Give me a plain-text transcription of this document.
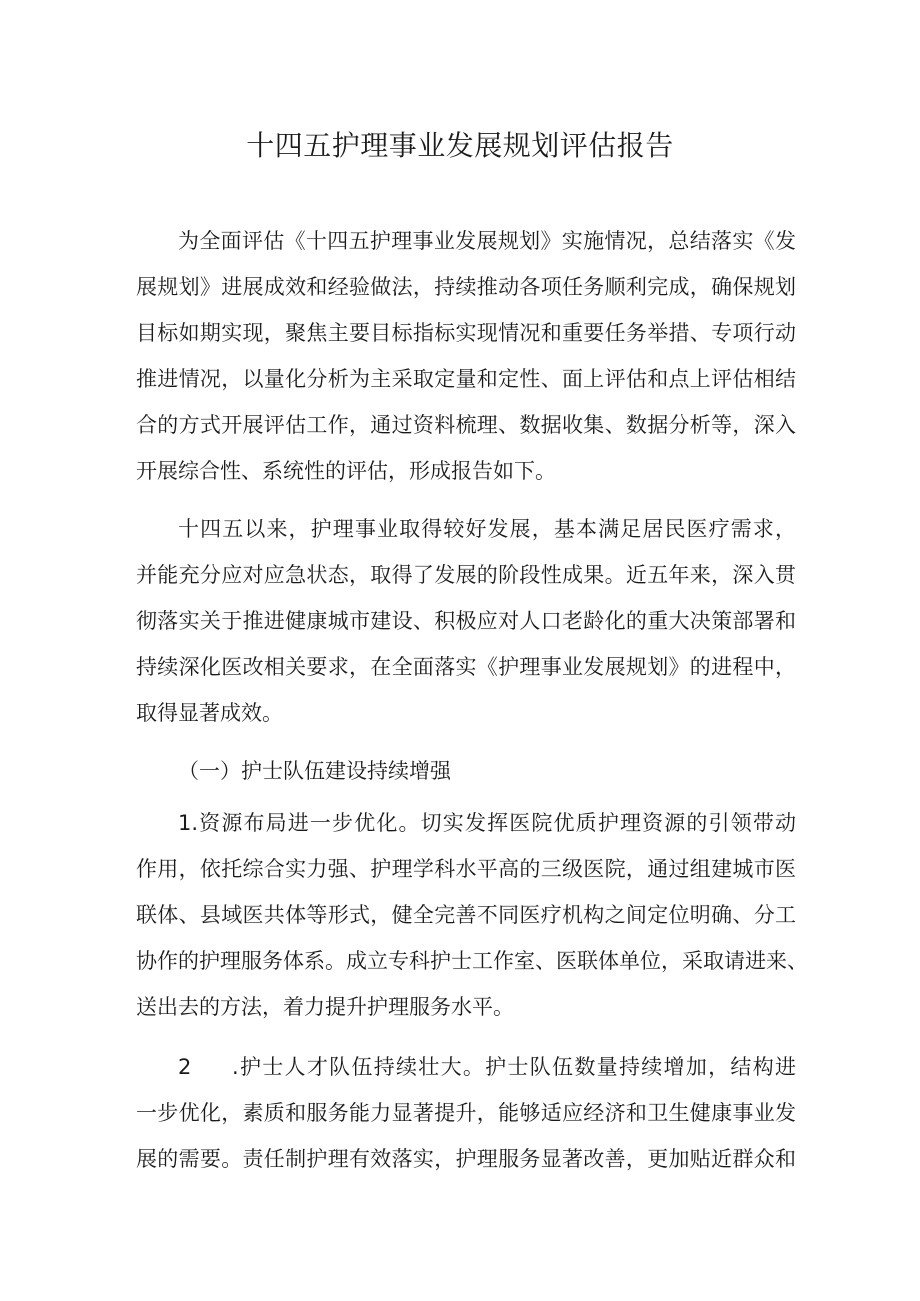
十四五护理事业发展规划评估报告
为全面评估《十四五护理事业发展规划》实施情况，总结落实《发
展规划》进展成效和经验做法，持续推动各项任务顺利完成，确保规划
目标如期实现，聚焦主要目标指标实现情况和重要任务举措、专项行动
推进情况，以量化分析为主采取定量和定性、面上评估和点上评估相结
合的方式开展评估工作，通过资料梳理、数据收集、数据分析等，深入
开展综合性、系统性的评估，形成报告如下。
十四五以来，护理事业取得较好发展，基本满足居民医疗需求，
并能充分应对应急状态，取得了发展的阶段性成果。近五年来，深入贯
彻落实关于推进健康城市建设、积极应对人口老龄化的重大决策部署和
持续深化医改相关要求，在全面落实《护理事业发展规划》的进程中，
取得显著成效。
（一）护士队伍建设持续增强
1.资源布局进一步优化。切实发挥医院优质护理资源的引领带动
作用，依托综合实力强、护理学科水平高的三级医院，通过组建城市医
联体、县域医共体等形式，健全完善不同医疗机构之间定位明确、分工
协作的护理服务体系。成立专科护士工作室、医联体单位，采取请进来、
送出去的方法，着力提升护理服务水平。
2	.护士人才队伍持续壮大。护士队伍数量持续增加，结构进
一步优化，素质和服务能力显著提升，能够适应经济和卫生健康事业发
展的需要。责任制护理有效落实，护理服务显著改善，更加贴近群众和
